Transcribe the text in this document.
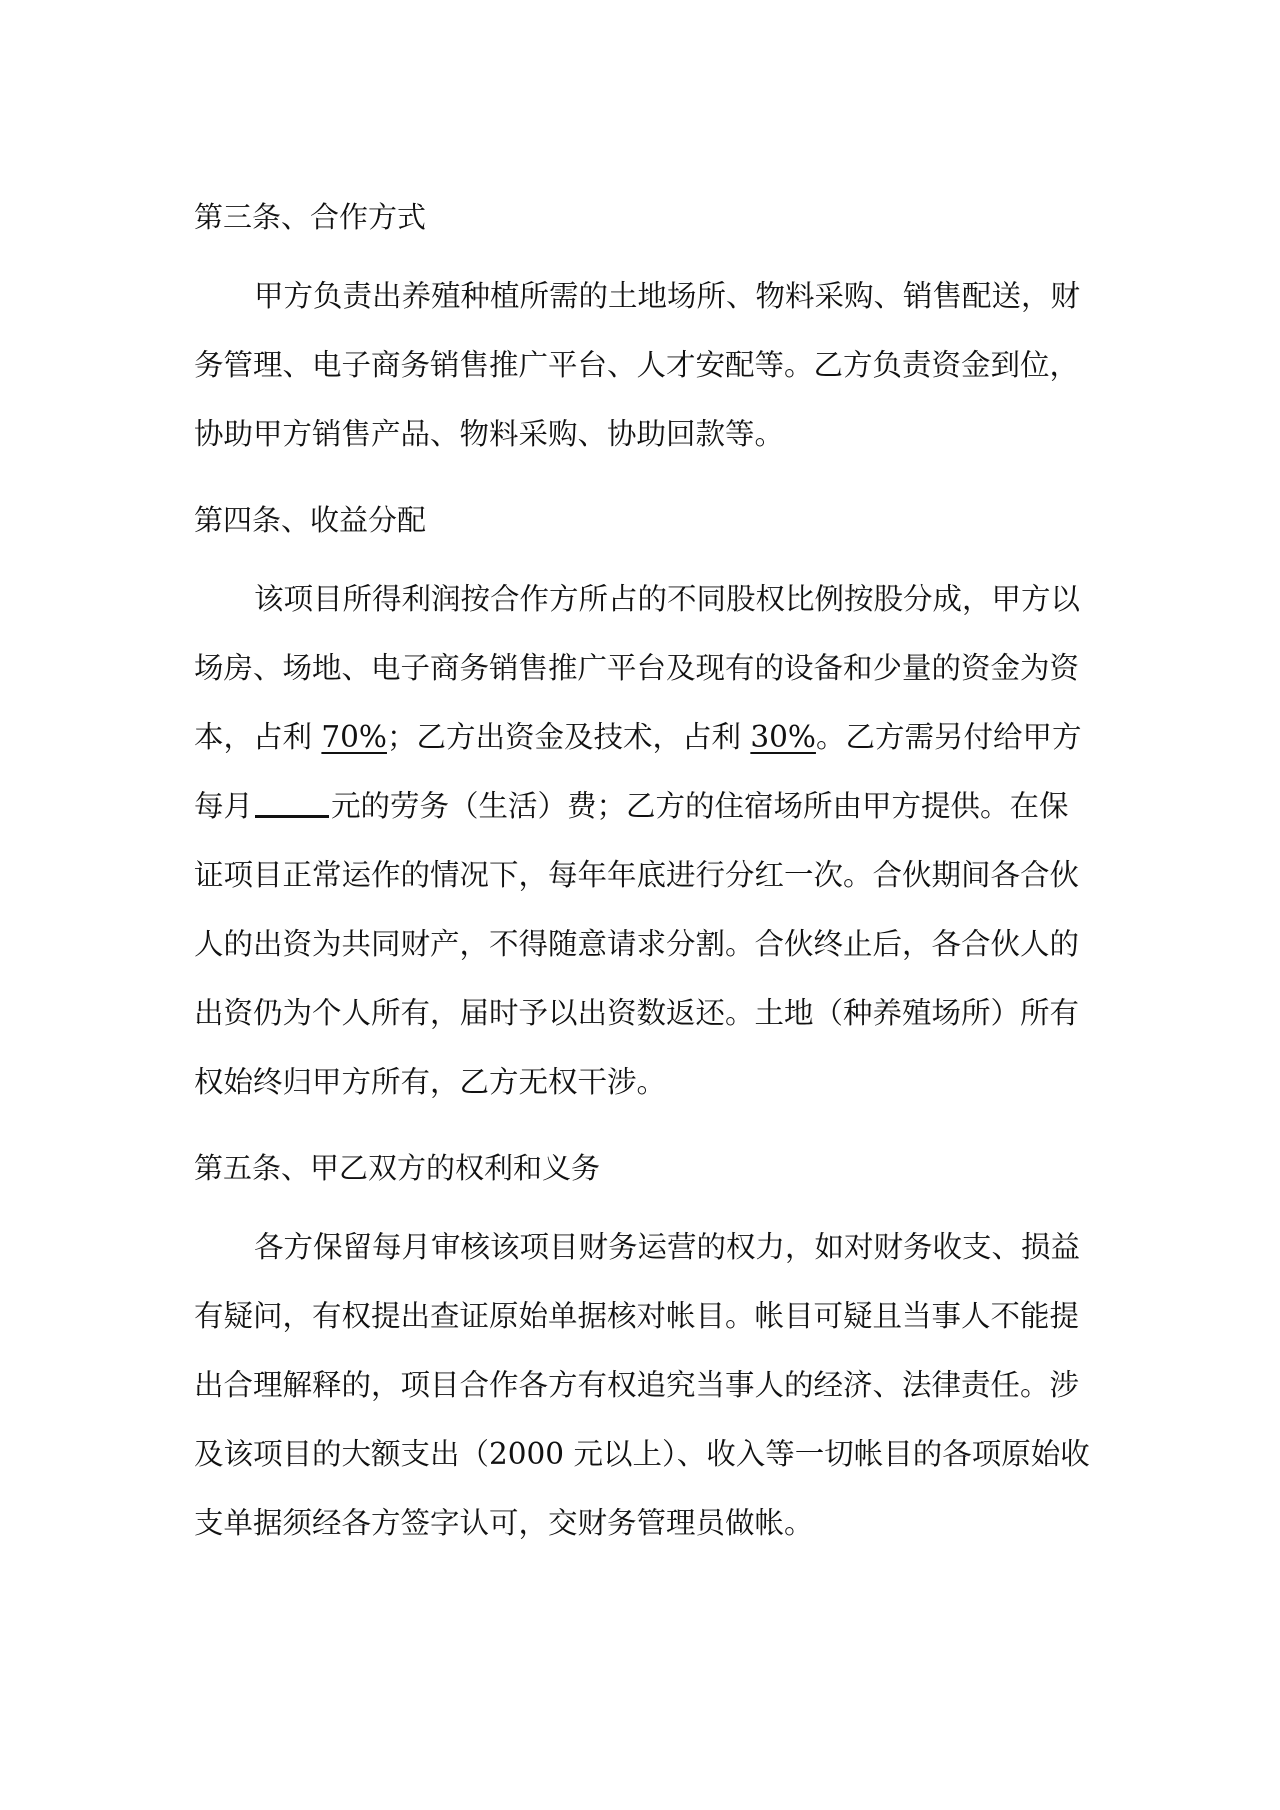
第三条、合作方式

甲方负责出养殖种植所需的土地场所、物料采购、销售配送，财

务管理、电子商务销售推广平台、人才安配等。乙方负责资金到位，

协助甲方销售产品、物料采购、协助回款等。

第四条、收益分配

该项目所得利润按合作方所占的不同股权比例按股分成，甲方以

场房、场地、电子商务销售推广平台及现有的设备和少量的资金为资

本，占利 70%；乙方出资金及技术，占利 30%。乙方需另付给甲方

每月	元的劳务（生活）费；乙方的住宿场所由甲方提供。在保

证项目正常运作的情况下，每年年底进行分红一次。合伙期间各合伙

人的出资为共同财产，不得随意请求分割。合伙终止后，各合伙人的

出资仍为个人所有，届时予以出资数返还。土地（种养殖场所）所有

权始终归甲方所有，乙方无权干涉。

第五条、甲乙双方的权利和义务

各方保留每月审核该项目财务运营的权力，如对财务收支、损益

有疑问，有权提出查证原始单据核对帐目。帐目可疑且当事人不能提

出合理解释的，项目合作各方有权追究当事人的经济、法律责任。涉

及该项目的大额支出（2000 元以上）、收入等一切帐目的各项原始收

支单据须经各方签字认可，交财务管理员做帐。
